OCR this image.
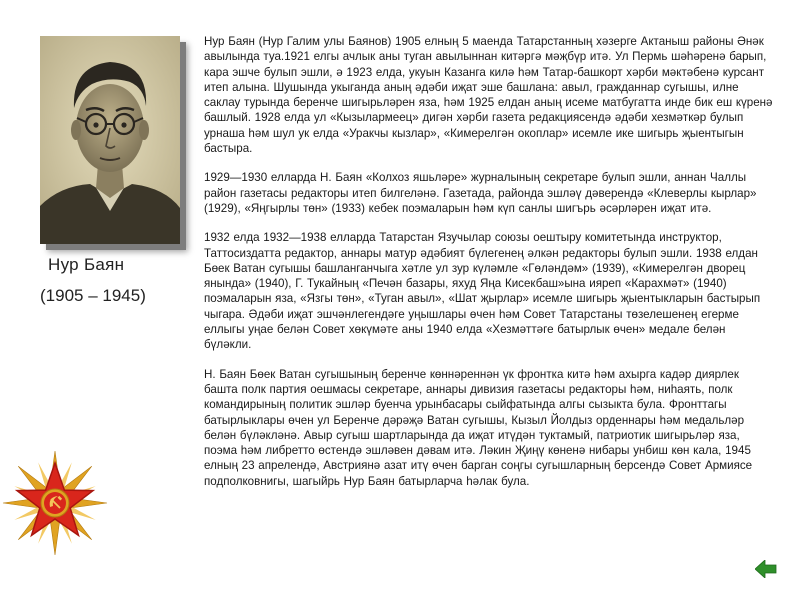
Нур Баян
(1905 – 1945)

Нур Баян (Нур Галим улы Баянов) 1905 елның 5 маенда Татарстанның хәзерге Актаныш районы Әнәк авылында туа.1921 елгы ачлык аны туган авылыннан китәргә мәҗбүр итә. Ул Пермь шәһәренә барып, кара эшче булып эшли, ә 1923 елда, укуын Казанга килә һәм Татар-башкорт хәрби мәктәбенә курсант итеп алына. Шушында укыганда аның әдәби иҗат эше башлана: авыл, гражданнар сугышы, илне саклау турында беренче шигырьләрен яза, һәм 1925 елдан аның исеме матбугатта инде бик еш күренә башлый. 1928 елда ул «Кызылармеец» дигән хәрби газета редакциясендә әдәби хезмәткәр булып урнаша һәм шул ук елда «Уракчы кызлар», «Кимерелгән окоплар» исемле ике шигырь җыентыгын бастыра.

1929—1930 елларда Н. Баян «Колхоз яшьләре» журналының секретаре булып эшли, аннан Чаллы район газетасы редакторы итеп билгеләнә. Газетада, районда эшләү дәверендә «Клеверлы кырлар» (1929), «Яңгырлы төн» (1933) кебек поэмаларын һәм күп санлы шигърь әсәрләрен иҗат итә.

1932 елда 1932—1938 елларда Татарстан Язучылар союзы оештыру комитетында инструктор, Таттосиздатта редактор, аннары матур әдәбият бүлегенең әлкән редакторы булып эшли. 1938 елдан Бөек Ватан сугышы башланганчыга хәтле ул зур күләмле «Гөләндәм» (1939), «Кимерелгән дворец янында» (1940), Г. Тукайның «Печән базары, яхуд Яңа Кисекбаш»ына ияреп «Карахмәт» (1940) поэмаларын яза, «Язгы төн», «Туган авыл», «Шат җырлар» исемле шигырь җыентыкларын бастырып чыгара. Әдәби иҗат эшчәнлегендәге уңышлары өчен һәм Совет Татарстаны төзелешенең егерме еллыгы уңае белән Совет хөкүмәте аны 1940 елда «Хезмәттәге батырлык өчен» медале белән бүләкли.

Н. Баян Бөек Ватан сугышының беренче көннәреннән үк фронтка китә һәм ахырга кадәр диярлек башта полк партия оешмасы секретаре, аннары дивизия газетасы редакторы һәм, ниһаять, полк командирының политик эшләр буенча урынбасары сыйфатында алгы сызыкта була. Фронттагы батырлыклары өчен ул Беренче дәрәҗә Ватан сугышы, Кызыл Йолдыз орденнары һәм медальләр белән бүләкләнә. Авыр сугыш шартларында да иҗат итүдән туктамый, патриотик шигырьләр яза, поэма һәм либретто өстендә эшләвен дәвам итә. Ләкин Җиңү көненә нибары унбиш көн кала, 1945 елның 23 апрелендә, Австриянә азат итү өчен барган соңгы сугышларның берсендә Совет Армиясе подполковнигы, шагыйрь Нур Баян батырларча һәлак була.
